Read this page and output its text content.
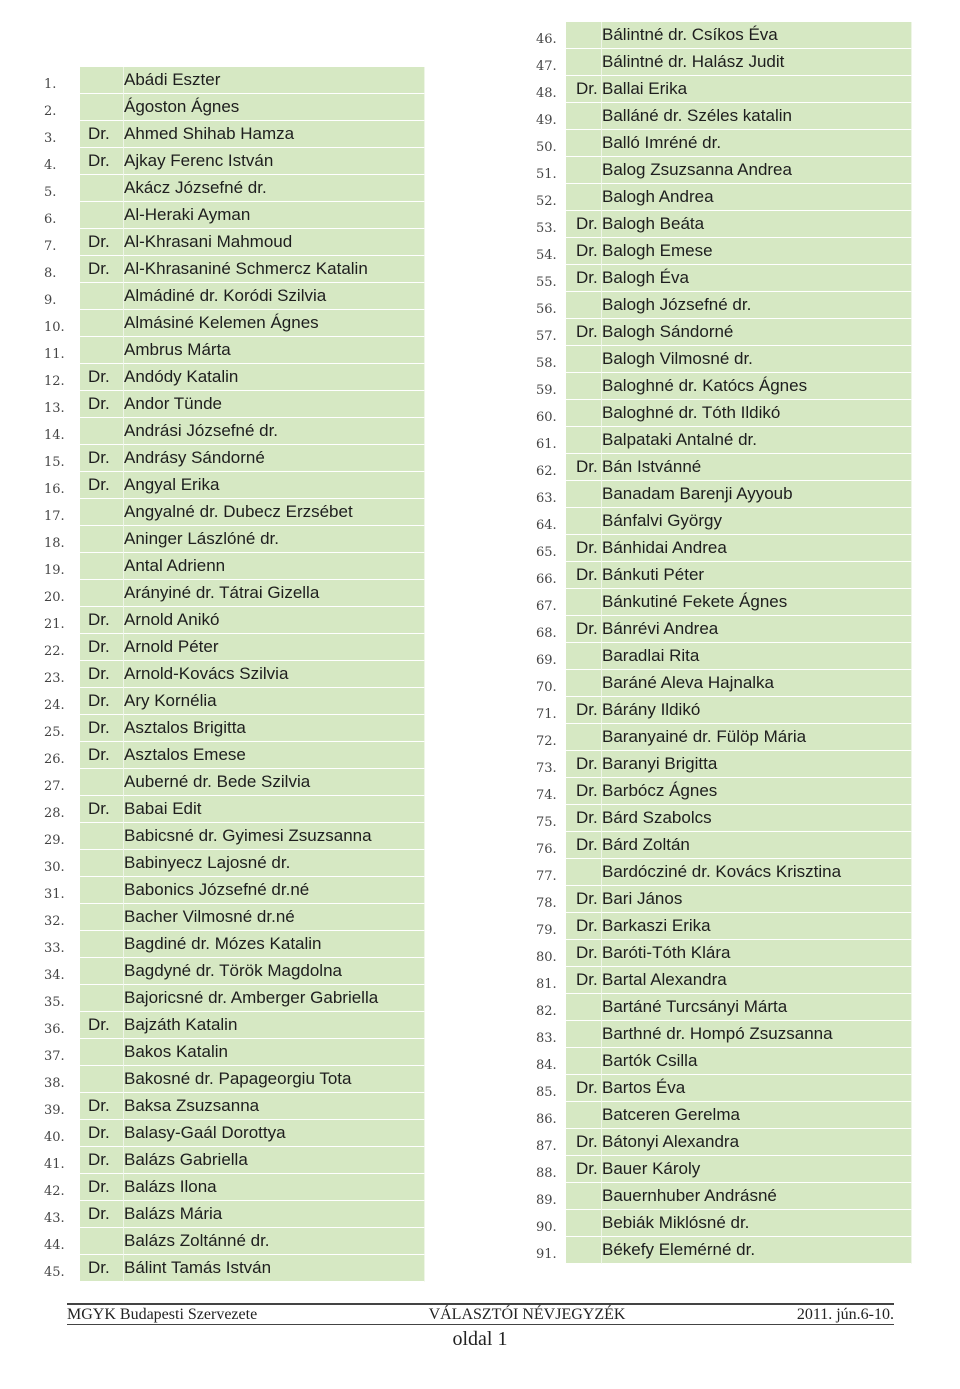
1.	Abádi Eszter
2.	Ágoston Ágnes
3.	Dr. Ahmed Shihab Hamza
4.	Dr. Ajkay Ferenc István
5.	Akácz Józsefné dr.
6.	Al-Heraki Ayman
7.	Dr. Al-Khrasani Mahmoud
8.	Dr. Al-Khrasaniné Schmercz Katalin
9.	Almádiné dr. Koródi Szilvia
10.	Almásiné Kelemen Ágnes
11.	Ambrus Márta
12.	Dr. Andódy Katalin
13.	Dr. Andor Tünde
14.	Andrási Józsefné dr.
15.	Dr. Andrásy Sándorné
16.	Dr. Angyal Erika
17.	Angyalné dr. Dubecz Erzsébet
18.	Aninger Lászlóné dr.
19.	Antal Adrienn
20.	Arányiné dr. Tátrai Gizella
21.	Dr. Arnold Anikó
22.	Dr. Arnold Péter
23.	Dr. Arnold-Kovács Szilvia
24.	Dr. Ary Kornélia
25.	Dr. Asztalos Brigitta
26.	Dr. Asztalos Emese
27.	Auberné dr. Bede Szilvia
28.	Dr. Babai Edit
29.	Babicsné dr. Gyimesi Zsuzsanna
30.	Babinyecz Lajosné dr.
31.	Babonics Józsefné dr.né
32.	Bacher Vilmosné dr.né
33.	Bagdiné dr. Mózes Katalin
34.	Bagdyné dr. Török Magdolna
35.	Bajoricsné dr. Amberger Gabriella
36.	Dr. Bajzáth Katalin
37.	Bakos Katalin
38.	Bakosné dr. Papageorgiu Tota
39.	Dr. Baksa Zsuzsanna
40.	Dr. Balasy-Gaál Dorottya
41.	Dr. Balázs Gabriella
42.	Dr. Balázs Ilona
43.	Dr. Balázs Mária
44.	Balázs Zoltánné dr.
45.	Dr. Bálint Tamás István
46.	Bálintné dr. Csíkos Éva
47.	Bálintné dr. Halász Judit
48.	Dr. Ballai Erika
49.	Balláné dr. Széles katalin
50.	Balló Imréné dr.
51.	Balog Zsuzsanna Andrea
52.	Balogh Andrea
53.	Dr. Balogh Beáta
54.	Dr. Balogh Emese
55.	Dr. Balogh Éva
56.	Balogh Józsefné dr.
57.	Dr. Balogh Sándorné
58.	Balogh Vilmosné dr.
59.	Baloghné dr. Katócs Ágnes
60.	Baloghné dr. Tóth Ildikó
61.	Balpataki Antalné dr.
62.	Dr. Bán Istvánné
63.	Banadam Barenji Ayyoub
64.	Bánfalvi György
65.	Dr. Bánhidai Andrea
66.	Dr. Bánkuti Péter
67.	Bánkutiné Fekete Ágnes
68.	Dr. Bánrévi Andrea
69.	Baradlai Rita
70.	Baráné Aleva Hajnalka
71.	Dr. Bárány Ildikó
72.	Baranyainé dr. Fülöp Mária
73.	Dr. Baranyi Brigitta
74.	Dr. Barbócz Ágnes
75.	Dr. Bárd Szabolcs
76.	Dr. Bárd Zoltán
77.	Bardócziné dr. Kovács Krisztina
78.	Dr. Bari János
79.	Dr. Barkaszi Erika
80.	Dr. Baróti-Tóth Klára
81.	Dr. Bartal Alexandra
82.	Bartáné Turcsányi Márta
83.	Barthné dr. Hompó Zsuzsanna
84.	Bartók Csilla
85.	Dr. Bartos Éva
86.	Batceren Gerelma
87.	Dr. Bátonyi Alexandra
88.	Dr. Bauer Károly
89.	Bauernhuber Andrásné
90.	Bebiák Miklósné dr.
91.	Békefy Elemérné dr.
MGYK Budapesti Szervezete	VÁLASZTÓI NÉVJEGYZÉK	2011. jún.6-10.
oldal 1
